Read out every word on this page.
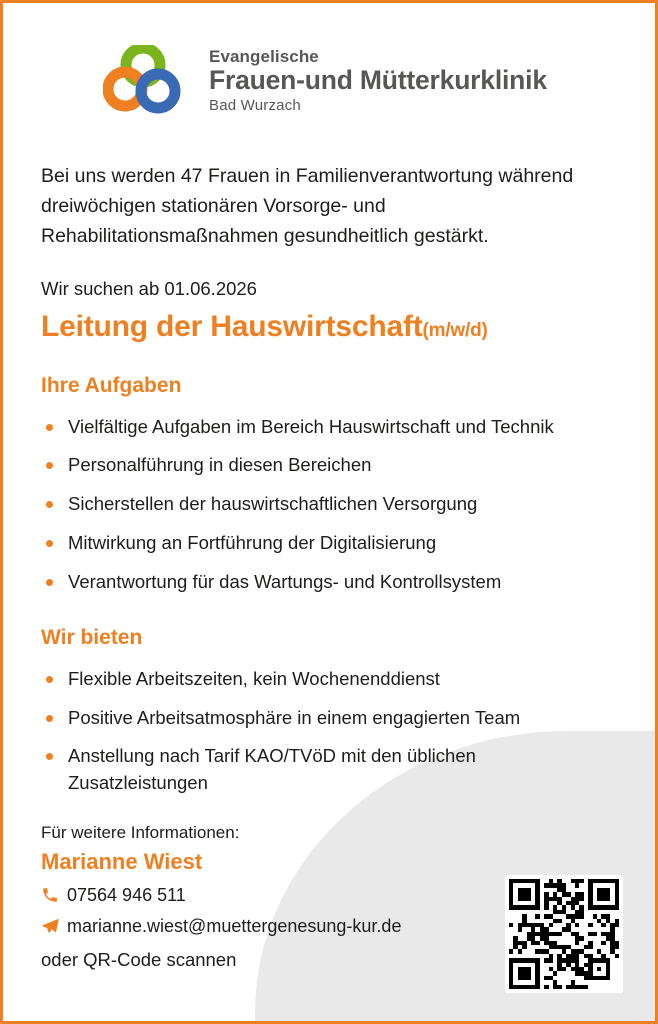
Evangelische
Frauen-und Mütterkurklinik
Bad Wurzach

Bei uns werden 47 Frauen in Familienverantwortung während dreiwöchigen stationären Vorsorge- und Rehabilitationsmaßnahmen gesundheitlich gestärkt.

Wir suchen ab 01.06.2026

Leitung der Hauswirtschaft(m/w/d)
Ihre Aufgaben
Vielfältige Aufgaben im Bereich Hauswirtschaft und Technik
Personalführung in diesen Bereichen
Sicherstellen der hauswirtschaftlichen Versorgung
Mitwirkung an Fortführung der Digitalisierung
Verantwortung für das Wartungs- und Kontrollsystem
Wir bieten
Flexible Arbeitszeiten, kein Wochenenddienst
Positive Arbeitsatmosphäre in einem engagierten Team
Anstellung nach Tarif KAO/TVöD mit den üblichen Zusatzleistungen
Für weitere Informationen:
Marianne Wiest
07564 946 511
marianne.wiest@muettergenesung-kur.de
oder QR-Code scannen
